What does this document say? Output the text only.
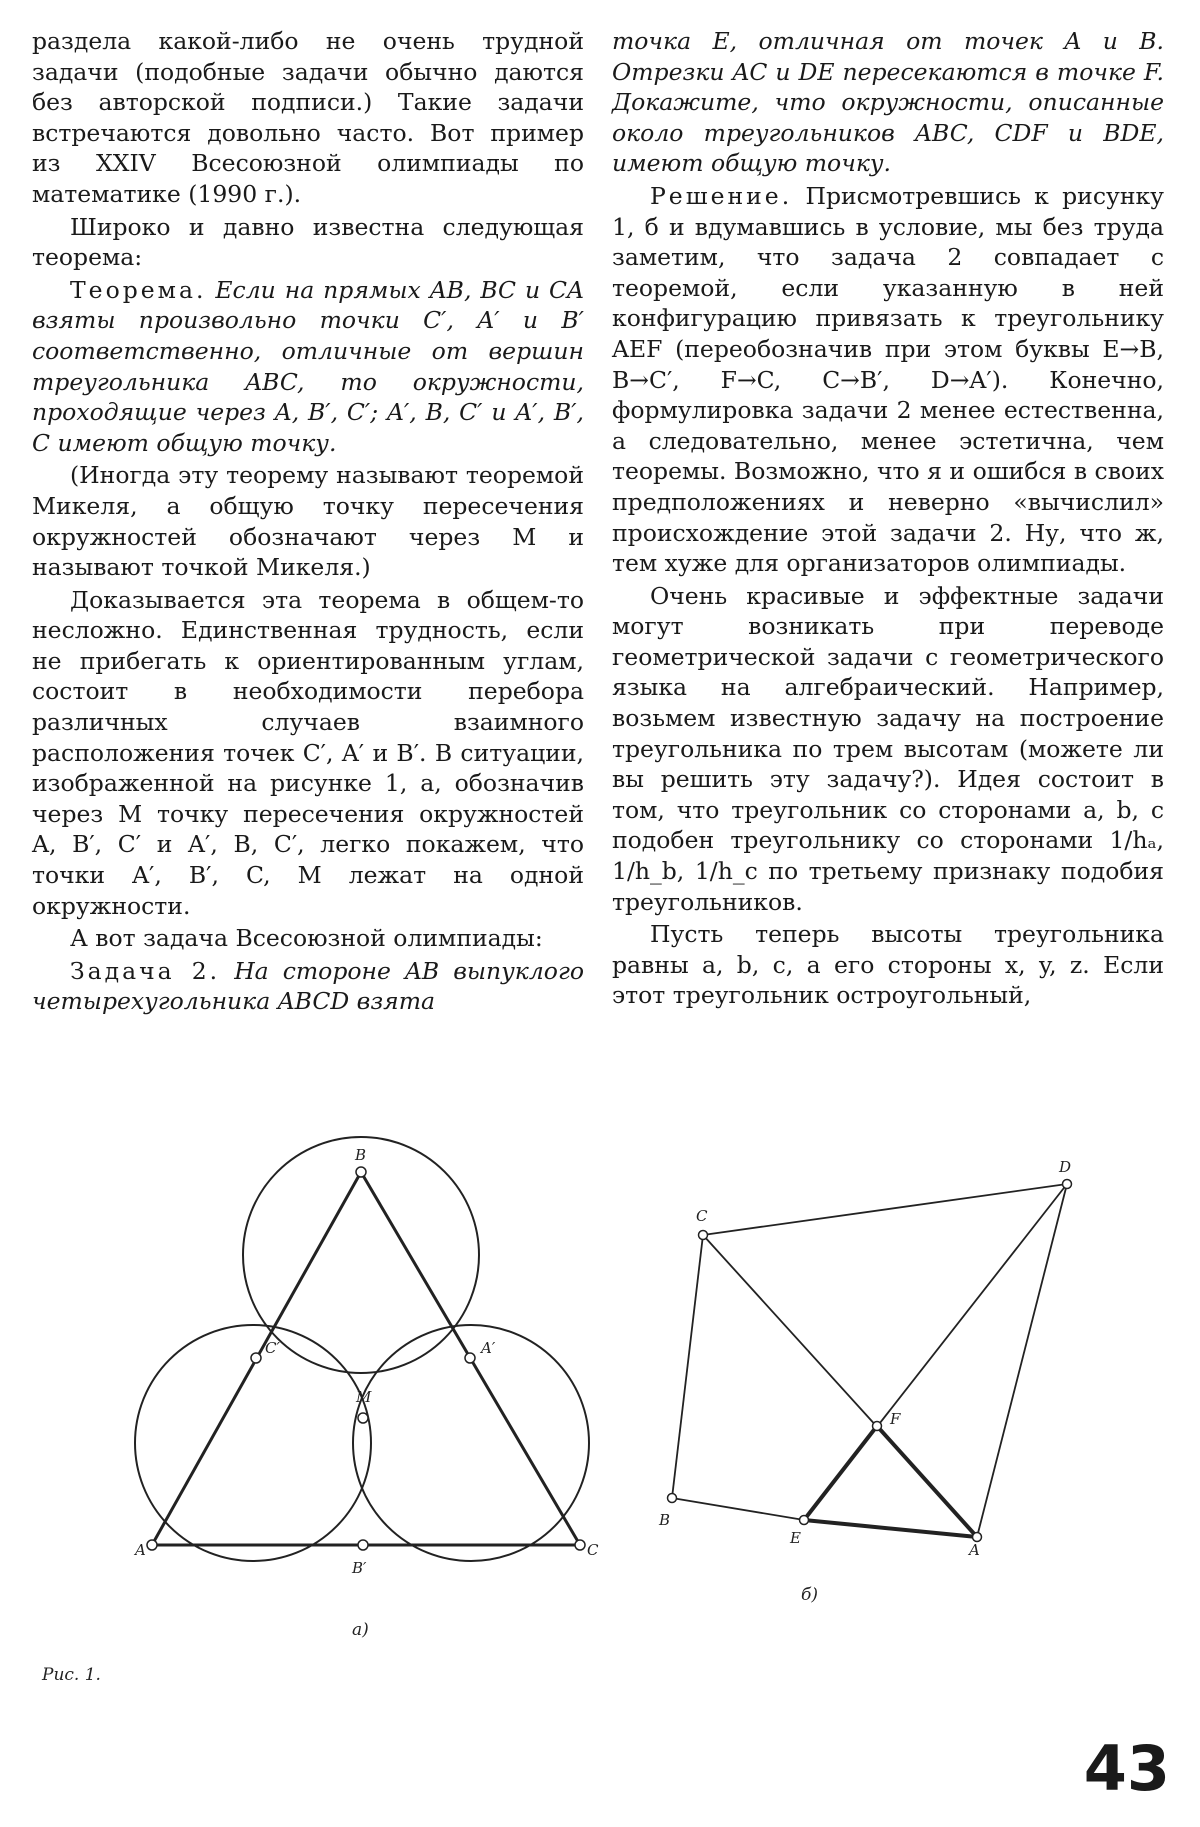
раздела какой-либо не очень трудной задачи (подобные задачи обычно даются без авторской подписи.) Такие задачи встречаются довольно часто. Вот пример из XXIV Всесоюзной олимпиады по математике (1990 г.).

Широко и давно известна следующая теорема:

Теорема. Если на прямых AB, BC и CA взяты произвольно точки C′, A′ и B′ соответственно, отличные от вершин треугольника ABC, то окружности, проходящие через A, B′, C′; A′, B, C′ и A′, B′, C имеют общую точку.

(Иногда эту теорему называют теоремой Микеля, а общую точку пересечения окружностей обозначают через M и называют точкой Микеля.)

Доказывается эта теорема в общем-то несложно. Единственная трудность, если не прибегать к ориентированным углам, состоит в необходимости перебора различных случаев взаимного расположения точек C′, A′ и B′. В ситуации, изображенной на рисунке 1, а, обозначив через M точку пересечения окружностей A, B′, C′ и A′, B, C′, легко покажем, что точки A′, B′, C, M лежат на одной окружности.

А вот задача Всесоюзной олимпиады:

Задача 2. На стороне AB выпуклого четырехугольника ABCD взята

точка E, отличная от точек A и B. Отрезки AC и DE пересекаются в точке F. Докажите, что окружности, описанные около треугольников ABC, CDF и BDE, имеют общую точку.

Решение. Присмотревшись к рисунку 1, б и вдумавшись в условие, мы без труда заметим, что задача 2 совпадает с теоремой, если указанную в ней конфигурацию привязать к треугольнику AEF (переобозначив при этом буквы E→B, B→C′, F→C, C→B′, D→A′). Конечно, формулировка задачи 2 менее естественна, а следовательно, менее эстетична, чем теоремы. Возможно, что я и ошибся в своих предположениях и неверно «вычислил» происхождение этой задачи 2. Ну, что ж, тем хуже для организаторов олимпиады.

Очень красивые и эффектные задачи могут возникать при переводе геометрической задачи с геометрического языка на алгебраический. Например, возьмем известную задачу на построение треугольника по трем высотам (можете ли вы решить эту задачу?). Идея состоит в том, что треугольник со сторонами a, b, c подобен треугольнику со сторонами 1/hₐ, 1/h_b, 1/h_c по третьему признаку подобия треугольников.

Пусть теперь высоты треугольника равны a, b, c, а его стороны x, y, z. Если этот треугольник остроугольный,

B
A	C
C′	A′
B′
M
а)
C
D
B
E
A
F
б)
Рис. 1.
43
